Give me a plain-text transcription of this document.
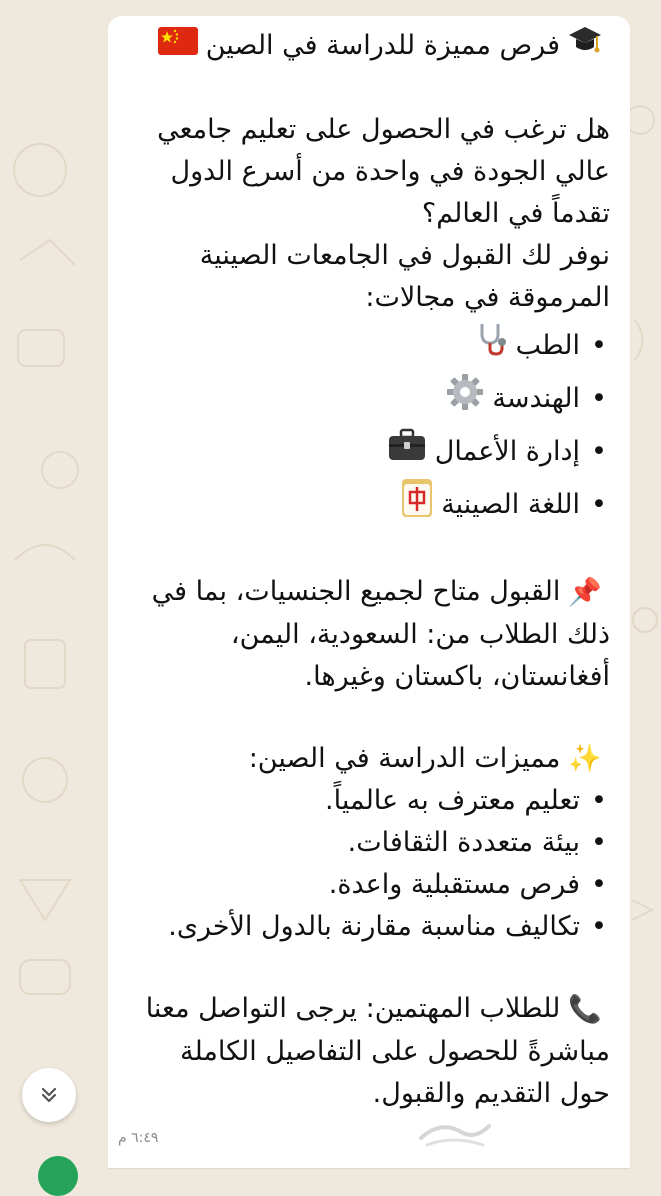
فرص مميزة للدراسة في الصين

هل ترغب في الحصول على تعليم جامعي عالي الجودة في واحدة من أسرع الدول تقدماً في العالم؟

نوفر لك القبول في الجامعات الصينية المرموقة في مجالات:

•
الطب
•
الهندسة
•
إدارة الأعمال
•
اللغة الصينية

📌القبول متاح لجميع الجنسيات، بما في ذلك الطلاب من: السعودية، اليمن، أفغانستان، باكستان وغيرها.

✨مميزات الدراسة في الصين:

•
تعليم معترف به عالمياً.
•
بيئة متعددة الثقافات.
•
فرص مستقبلية واعدة.
•
تكاليف مناسبة مقارنة بالدول الأخرى.

📞للطلاب المهتمين: يرجى التواصل معنا مباشرةً للحصول على التفاصيل الكاملة حول التقديم والقبول.

٦:٤٩ م
